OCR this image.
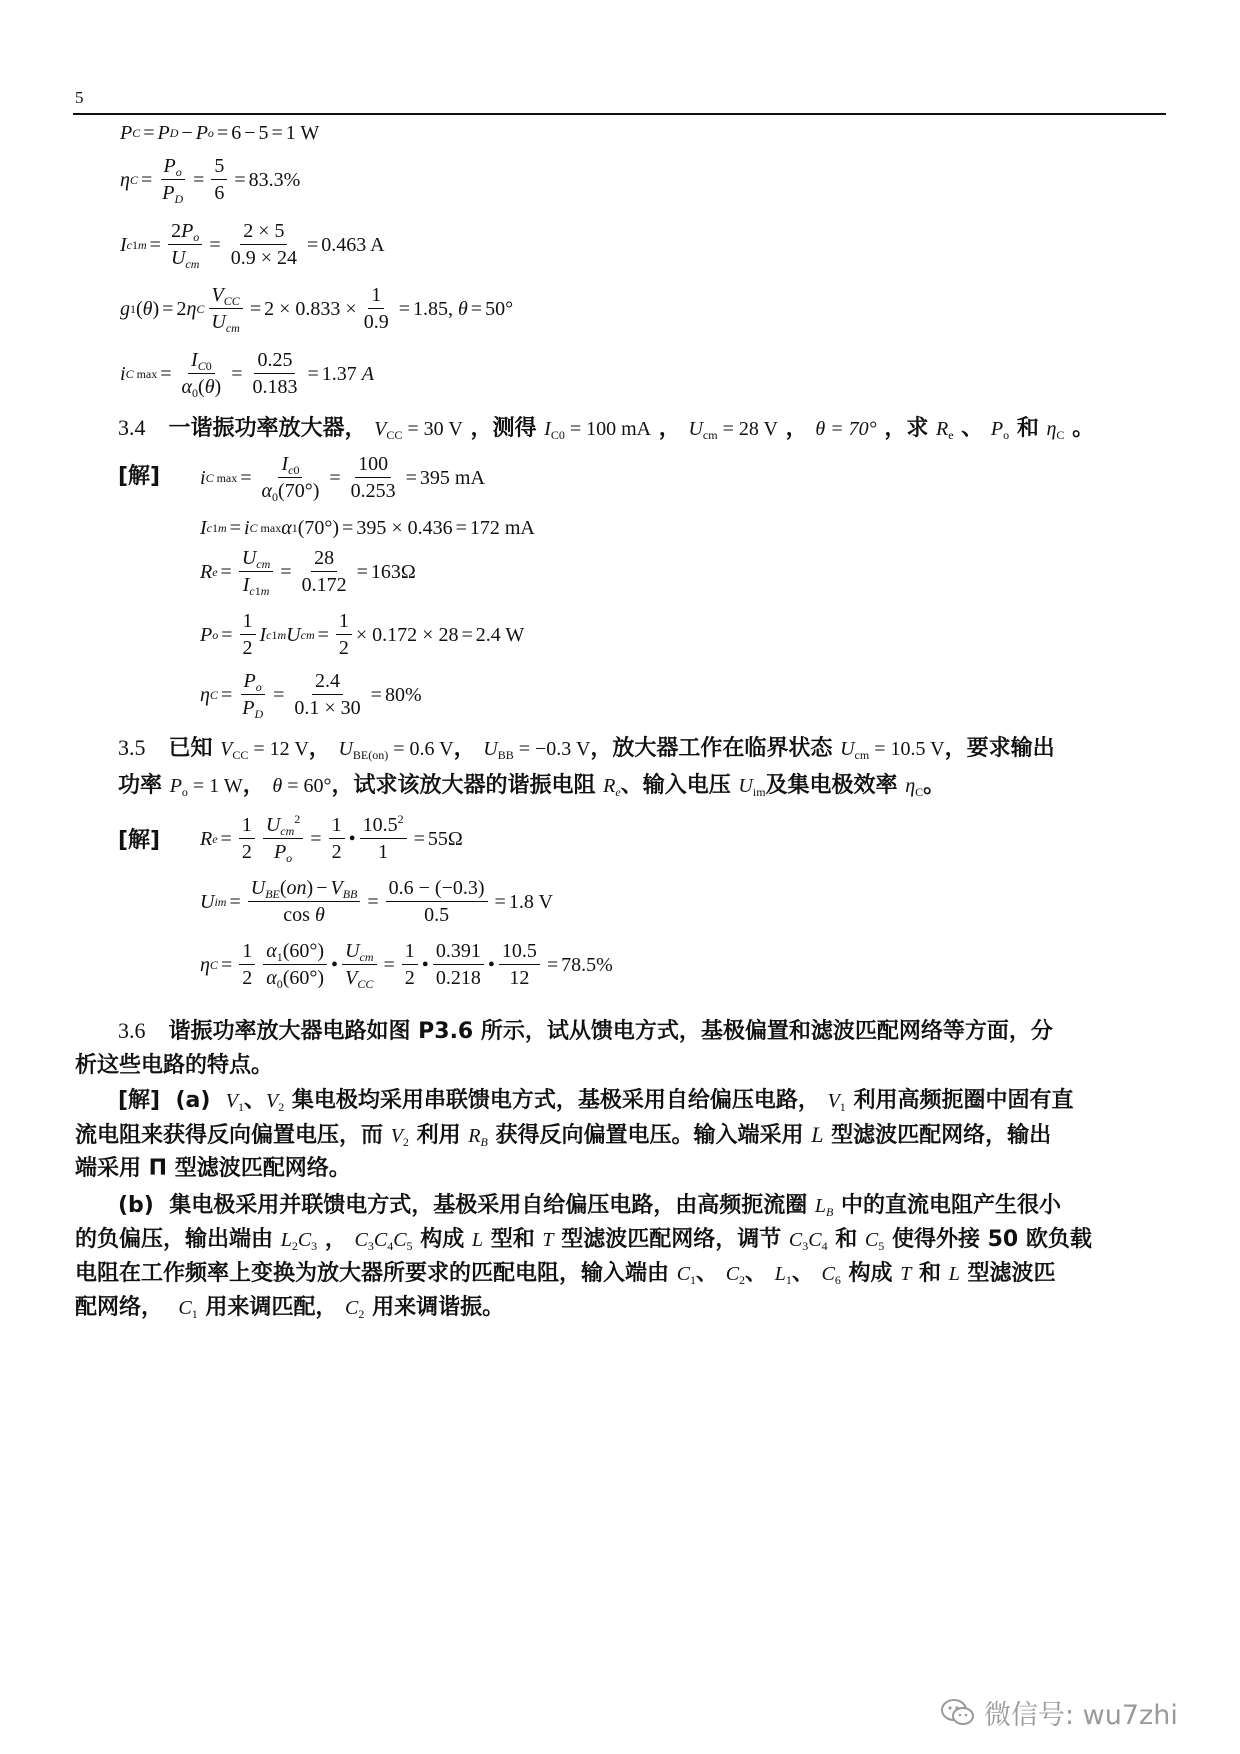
5
P C = P D − P o = 6 − 5 = 1 W
η $C = \frac{P_o}{P_D} = \frac{5}{6} = 83.3\%$
I $c1m = \frac{2P_o}{U_{cm}} = \frac{2 \times 5}{0.9 \times 24} = 0.463$ A
g 1 ( θ ) = 2 η C $\frac{V_{CC}}{U_{cm}} = 2 \times 0.833 \times \frac{1}{0.9} = 1.85$, θ = 50°
i C $\max = \frac{I_{C0}}{\alpha_0(\theta)} = \frac{0.25}{0.183} = 1.37$ A
3.4 一谐振功率放大器， $V_{CC} = 30$ V ，测得 $I_{C0} = 100$ mA ， $U_{cm} = 28$ V ， θ = 70° ，求 $R_e$ 、 $P_o$ 和 $\eta_C$ 。
[解] i C $\max = \frac{I_{c0}}{\alpha_0(70^\circ)} = \frac{100}{0.253} = 395$ mA
I c1m = i C max α 1 (70°) = 395 × 0.436 = 172 mA
R $e = \frac{U_{cm}}{I_{c1m}} = \frac{28}{0.172} = 163\Omega$
P $o = \frac{1}{2}$ I c1m U cm = $\frac{1}{2} \times 0.172 \times 28 = 2.4$ W
η $C = \frac{P_o}{P_D} = \frac{2.4}{0.1 \times 30} = 80\%$
3.5 已知 $V_{CC} = 12$ V， $U_{BE(on)} = 0.6$ V， $U_{BB} = -0.3$ V，放大器工作在临界状态 $U_{cm} = 10.5$ V，要求输出
功率 $P_o = 1$ W， θ = 60°，试求该放大器的谐振电阻 $R_e$、输入电压 $U_{im}$及集电极效率 $\eta_C$。
[解] R $e = \frac{1}{2} \frac{U_{cm}^2}{P_o} = \frac{1}{2}$ • $\frac{10.5^2}{1} = 55\Omega$
U im = $\frac{U_{BE}(on) - V_{BB}}{\text{cos θ}} = \frac{0.6 - (-0.3)}{0.5} = 1.8$ V
η $C = \frac{1}{2} \frac{\alpha_1(60^\circ)}{\alpha_0(60^\circ)}$ • $\frac{U_{cm}}{V_{CC}} = \frac{1}{2}$ • $\frac{0.391}{0.218}$ • $\frac{10.5}{12} = 78.5\%$
3.6 谐振功率放大器电路如图 P3.6 所示，试从馈电方式，基极偏置和滤波匹配网络等方面，分
析这些电路的特点。
[解] (a) $V_1$、$V_2$ 集电极均采用串联馈电方式，基极采用自给偏压电路， $V_1$ 利用高频扼圈中固有直
流电阻来获得反向偏置电压，而 $V_2$ 利用 $R_B$ 获得反向偏置电压。输入端采用 L 型滤波匹配网络，输出
端采用 Π 型滤波匹配网络。
(b) 集电极采用并联馈电方式，基极采用自给偏压电路，由高频扼流圈 $L_B$ 中的直流电阻产生很小
的负偏压，输出端由 $L_2C_3$ ， $C_3C_4C_5$ 构成 L 型和 T 型滤波匹配网络，调节 $C_3C_4$ 和 $C_5$ 使得外接 50 欧负载
电阻在工作频率上变换为放大器所要求的匹配电阻，输入端由 $C_1$、 $C_2$、 $L_1$、 $C_6$ 构成 T 和 L 型滤波匹
配网络， $C_1$ 用来调匹配， $C_2$ 用来调谐振。
微信号: wu7zhi
